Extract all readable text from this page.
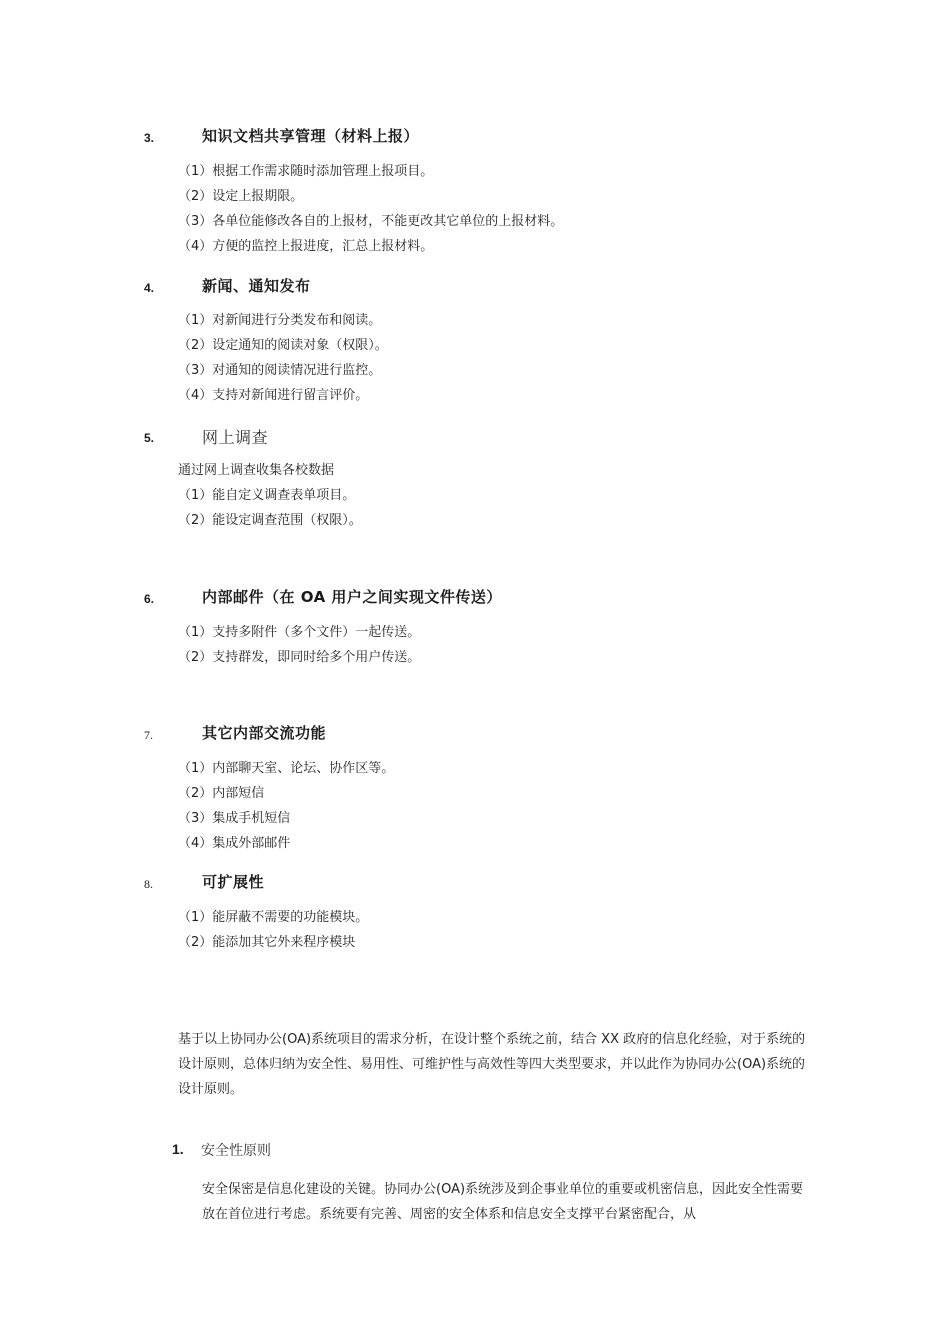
3.	知识文档共享管理（材料上报）
（1）根据工作需求随时添加管理上报项目。
（2）设定上报期限。
（3）各单位能修改各自的上报材，不能更改其它单位的上报材料。
（4）方便的监控上报进度，汇总上报材料。
4.	新闻、通知发布
（1）对新闻进行分类发布和阅读。
（2）设定通知的阅读对象（权限）。
（3）对通知的阅读情况进行监控。
（4）支持对新闻进行留言评价。
5.	网上调查
通过网上调查收集各校数据
（1）能自定义调查表单项目。
（2）能设定调查范围（权限）。
6.	内部邮件（在 OA 用户之间实现文件传送）
（1）支持多附件（多个文件）一起传送。
（2）支持群发，即同时给多个用户传送。
7.	其它内部交流功能
（1）内部聊天室、论坛、协作区等。
（2）内部短信
（3）集成手机短信
（4）集成外部邮件
8.	可扩展性
（1）能屏蔽不需要的功能模块。
（2）能添加其它外来程序模块
基于以上协同办公(OA)系统项目的需求分析，在设计整个系统之前，结合 XX 政府的信息化经验，对于系统的设计原则，总体归纳为安全性、易用性、可维护性与高效性等四大类型要求，并以此作为协同办公(OA)系统的设计原则。
1. 安全性原则
安全保密是信息化建设的关键。协同办公(OA)系统涉及到企事业单位的重要或机密信息，因此安全性需要放在首位进行考虑。系统要有完善、周密的安全体系和信息安全支撑平台紧密配合，从
